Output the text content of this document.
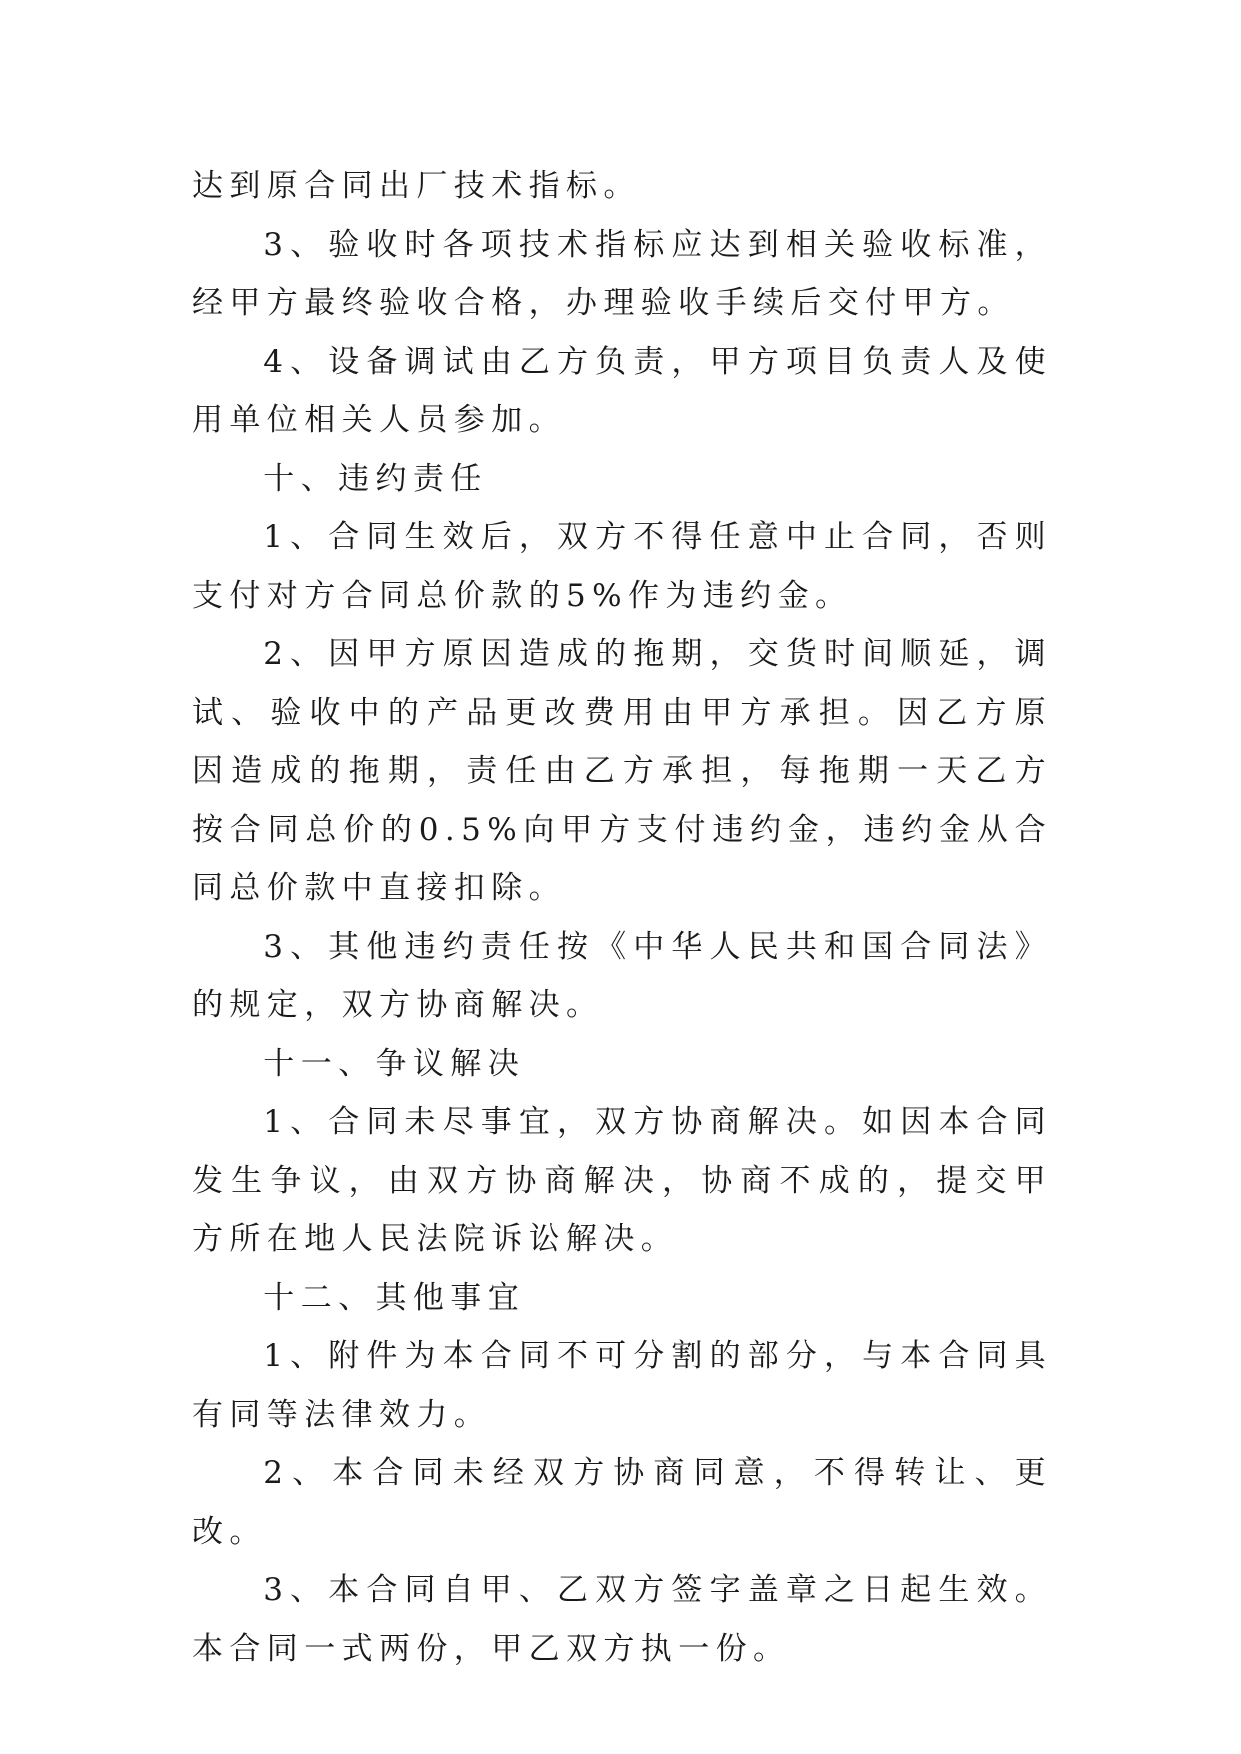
达到原合同出厂技术指标。

3、验收时各项技术指标应达到相关验收标准，经甲方最终验收合格，办理验收手续后交付甲方。

4、设备调试由乙方负责，甲方项目负责人及使用单位相关人员参加。

十、违约责任

1、合同生效后，双方不得任意中止合同，否则支付对方合同总价款的5%作为违约金。

2、因甲方原因造成的拖期，交货时间顺延，调试、验收中的产品更改费用由甲方承担。因乙方原因造成的拖期，责任由乙方承担，每拖期一天乙方按合同总价的0.5%向甲方支付违约金，违约金从合同总价款中直接扣除。

3、其他违约责任按《中华人民共和国合同法》的规定，双方协商解决。

十一、争议解决

1、合同未尽事宜，双方协商解决。如因本合同发生争议，由双方协商解决，协商不成的，提交甲方所在地人民法院诉讼解决。

十二、其他事宜

1、附件为本合同不可分割的部分，与本合同具有同等法律效力。

2、本合同未经双方协商同意，不得转让、更改。

3、本合同自甲、乙双方签字盖章之日起生效。本合同一式两份，甲乙双方执一份。
